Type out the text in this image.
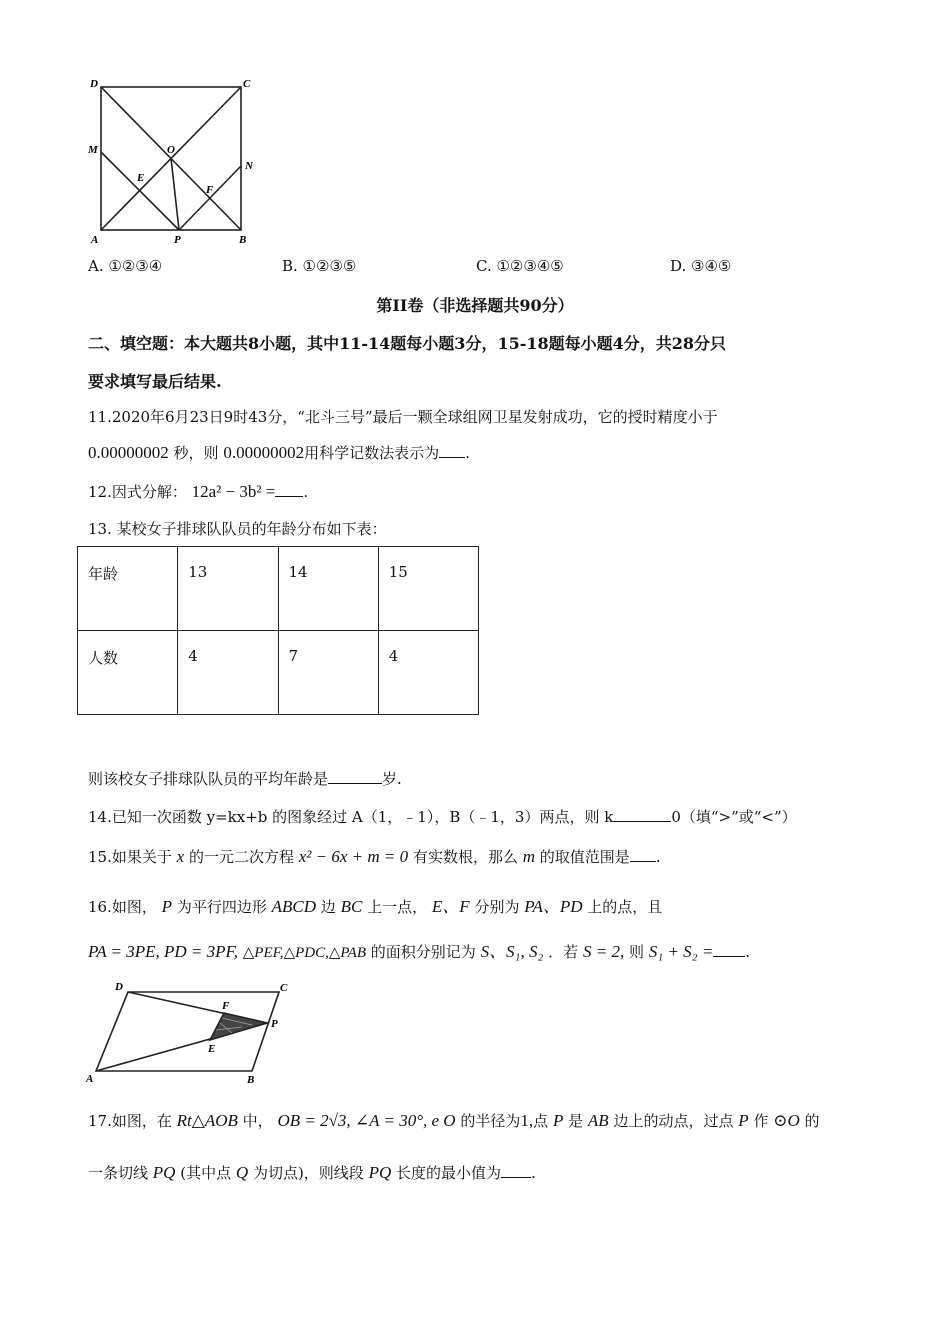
D	C
M	O
N
E
F
A	P	B
A. ①②③④	B. ①②③⑤	C. ①②③④⑤	D. ③④⑤
第II卷（非选择题共90分）
二、填空题：本大题共8小题，其中11-14题每小题3分，15-18题每小题4分，共28分只
要求填写最后结果.
11.2020年6月23日9时43分，“北斗三号”最后一颗全球组网卫星发射成功，它的授时精度小于
0.00000002 秒，则 0.00000002用科学记数法表示为 .
12.因式分解： 12a² − 3b² = .
13. 某校女子排球队队员的年龄分布如下表：
年龄	13	14	15
人数	4	7	4
则该校女子排球队队员的平均年龄是	岁.
14.已知一次函数 y=kx+b 的图象经过 A（1，﹣1），B（﹣1，3）两点，则 k	0（填“>”或“<”）
15.如果关于 x 的一元二次方程 x² − 6x + m = 0 有实数根，那么 m 的取值范围是 .
16.如图， P 为平行四边形 ABCD 边 BC 上一点， E、F 分别为 PA、PD 上的点，且
PA = 3PE, PD = 3PF, △PEF,△PDC,△PAB 的面积分别记为 S、S₁, S₂ ．若 S = 2, 则 S₁ + S₂ = .
D	C
F
P
E
A	B
17.如图，在 Rt△AOB 中， OB = 2√3, ∠A = 30°, e O 的半径为1,点 P 是 AB 边上的动点，过点 P 作 ⊙O 的
一条切线 PQ (其中点 Q 为切点)，则线段 PQ 长度的最小值为 .
